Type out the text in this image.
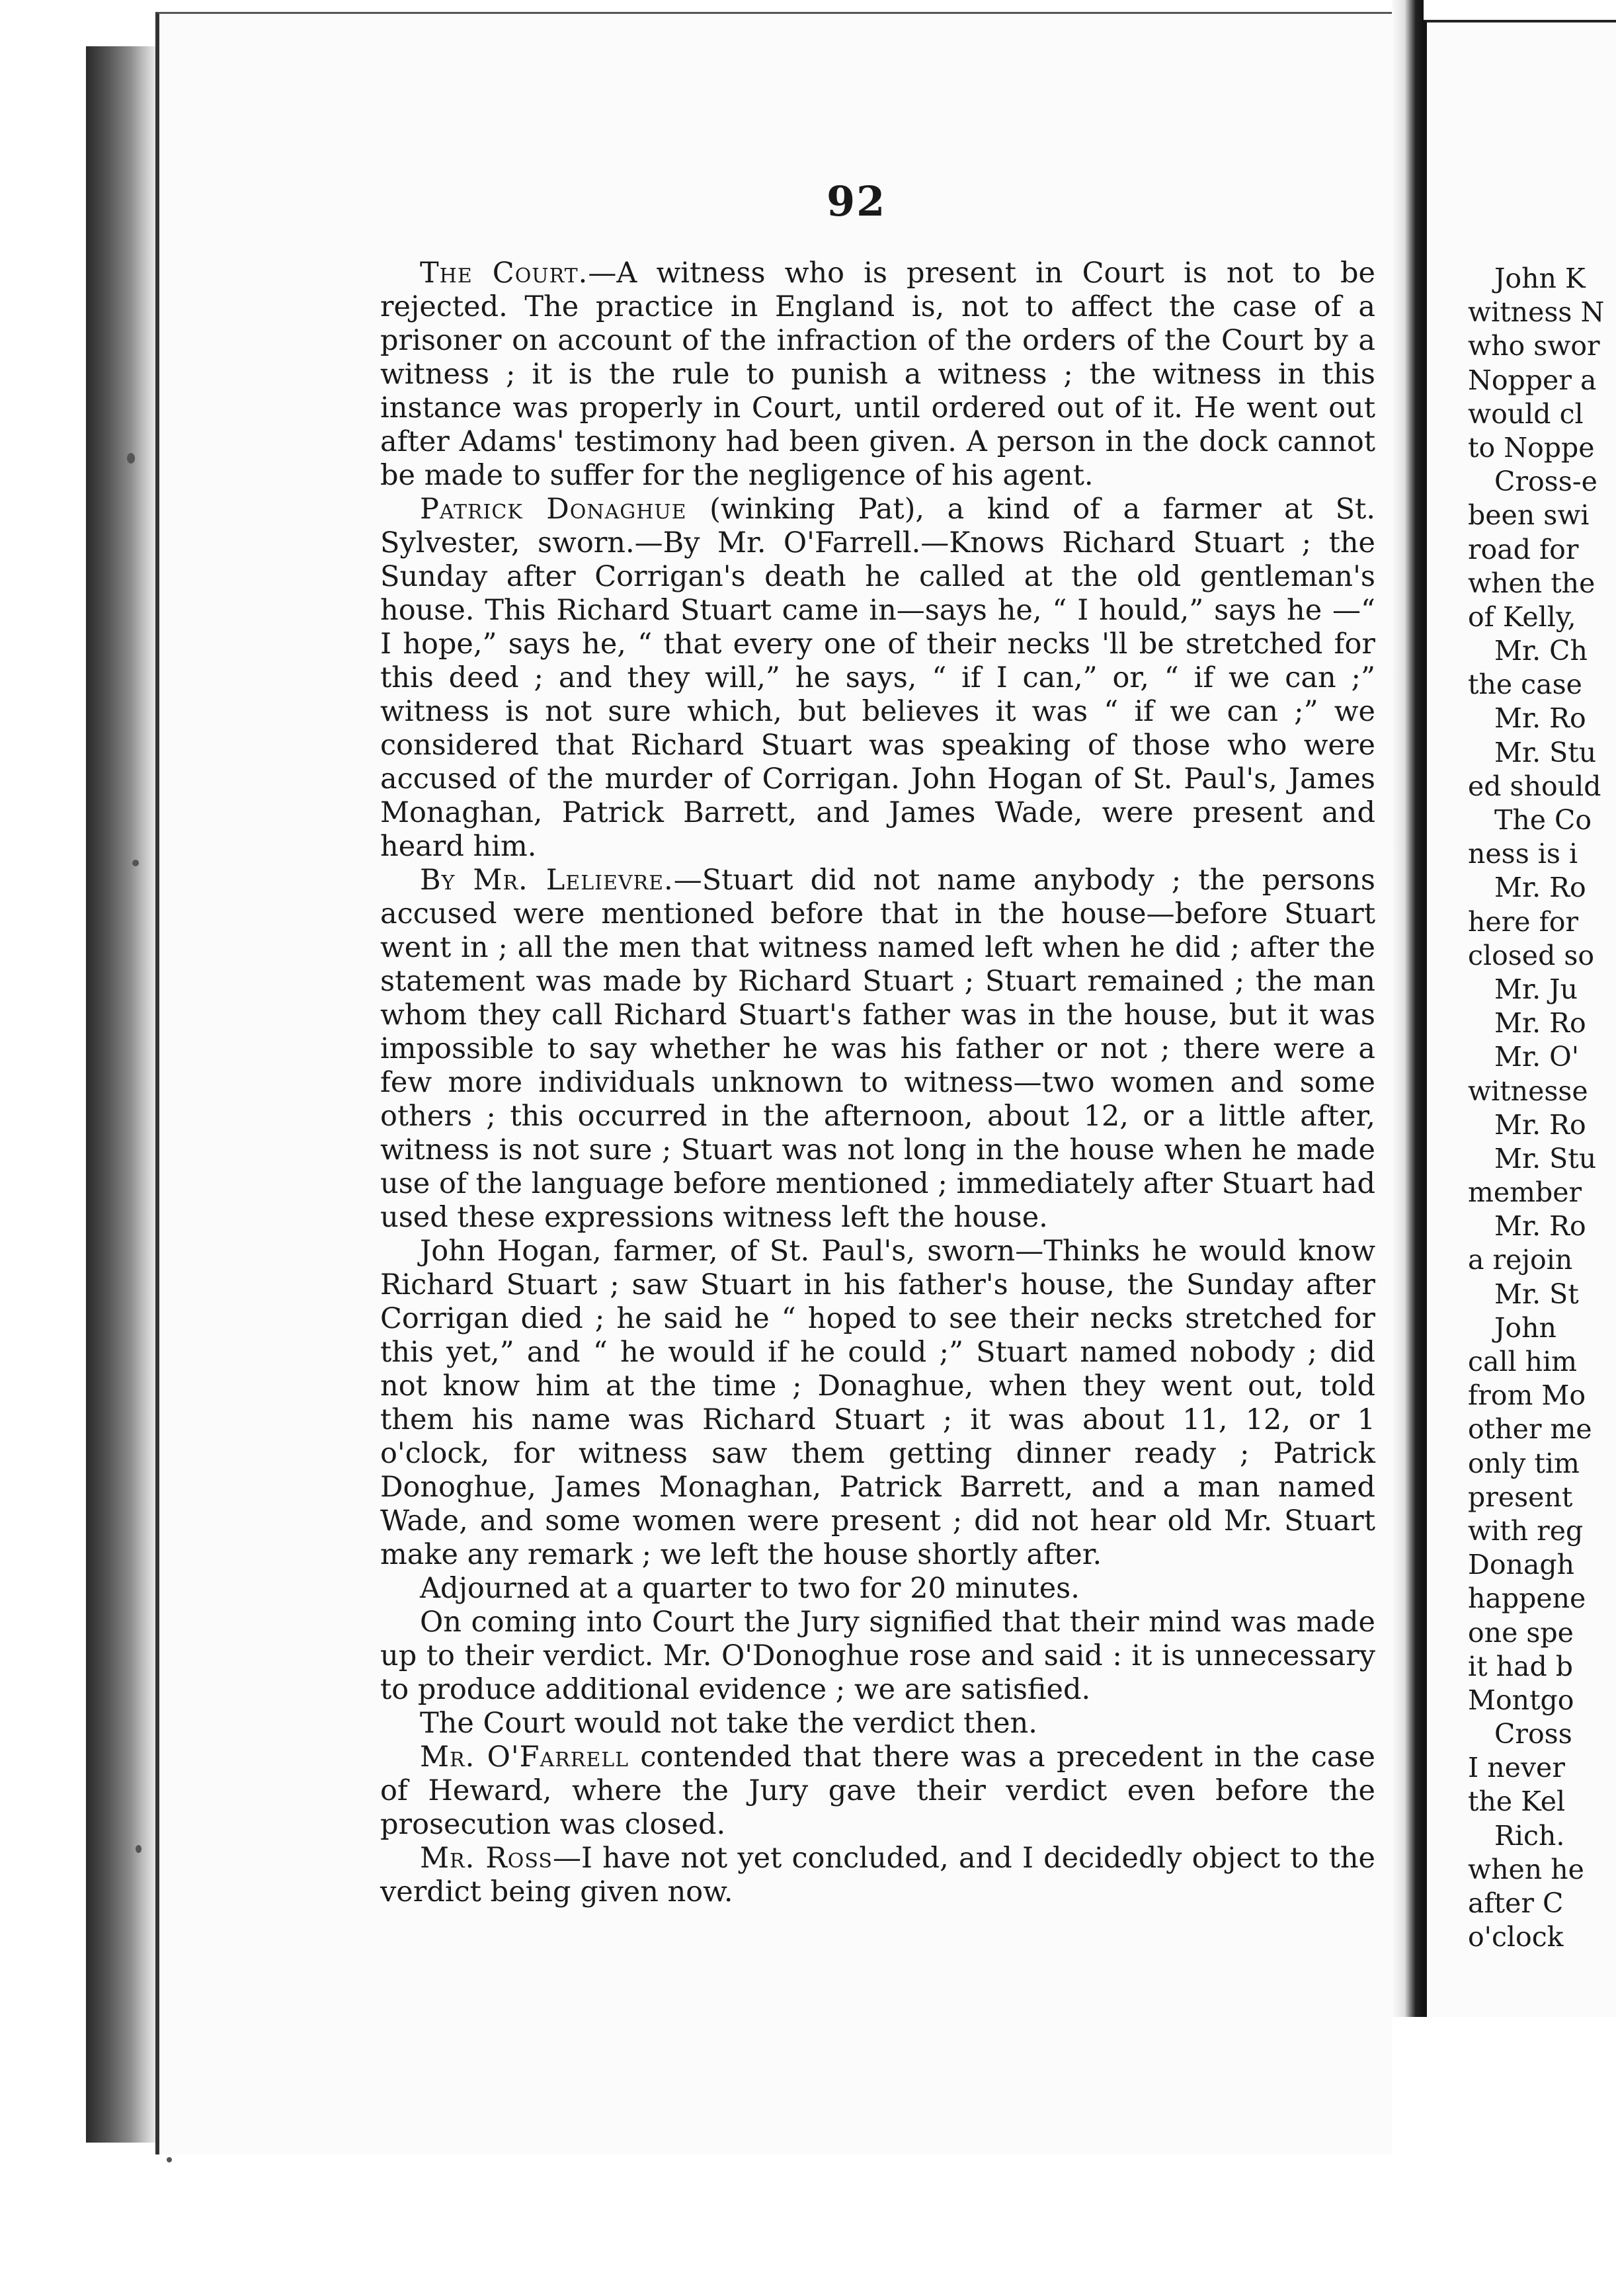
John K
witness N
who swor
Nopper a
would cl
to Noppe
Cross-e
been swi
road for
when the
of Kelly,
Mr. Ch
the case
Mr. Ro
Mr. Stu
ed should
The Co
ness is i
Mr. Ro
here for
closed so
Mr. Ju
Mr. Ro
Mr. O'
witnesse
Mr. Ro
Mr. Stu
member
Mr. Ro
a rejoin
Mr. St
John
call him
from Mo
other me
only tim
present
with reg
Donagh
happene
one spe
it had b
Montgo
Cross
I never
the Kel
Rich.
when he
after C
o'clock
92

The Court.—A witness who is present in Court is not to be rejected. The practice in England is, not to affect the case of a prisoner on account of the infraction of the orders of the Court by a witness ; it is the rule to punish a witness ; the witness in this instance was properly in Court, until ordered out of it. He went out after Adams' testimony had been given. A person in the dock cannot be made to suffer for the negligence of his agent.

Patrick Donaghue (winking Pat), a kind of a farmer at St. Sylvester, sworn.—By Mr. O'Farrell.—Knows Richard Stuart ; the Sunday after Corrigan's death he called at the old gentleman's house. This Richard Stuart came in—says he, “ I hould,” says he —“ I hope,” says he, “ that every one of their necks 'll be stretched for this deed ; and they will,” he says, “ if I can,” or, “ if we can ;” witness is not sure which, but believes it was “ if we can ;” we considered that Richard Stuart was speaking of those who were accused of the murder of Corrigan. John Hogan of St. Paul's, James Monaghan, Patrick Barrett, and James Wade, were present and heard him.

By Mr. Lelievre.—Stuart did not name anybody ; the persons accused were mentioned before that in the house—before Stuart went in ; all the men that witness named left when he did ; after the statement was made by Richard Stuart ; Stuart remained ; the man whom they call Richard Stuart's father was in the house, but it was impossible to say whether he was his father or not ; there were a few more individuals unknown to witness—two women and some others ; this occurred in the afternoon, about 12, or a little after, witness is not sure ; Stuart was not long in the house when he made use of the language before mentioned ; immediately after Stuart had used these expressions witness left the house.

John Hogan, farmer, of St. Paul's, sworn—Thinks he would know Richard Stuart ; saw Stuart in his father's house, the Sunday after Corrigan died ; he said he “ hoped to see their necks stretched for this yet,” and “ he would if he could ;” Stuart named nobody ; did not know him at the time ; Donaghue, when they went out, told them his name was Richard Stuart ; it was about 11, 12, or 1 o'clock, for witness saw them getting dinner ready ; Patrick Donoghue, James Monaghan, Patrick Barrett, and a man named Wade, and some women were present ; did not hear old Mr. Stuart make any remark ; we left the house shortly after.

Adjourned at a quarter to two for 20 minutes.

On coming into Court the Jury signified that their mind was made up to their verdict. Mr. O'Donoghue rose and said : it is unnecessary to produce additional evidence ; we are satisfied.

The Court would not take the verdict then.

Mr. O'Farrell contended that there was a precedent in the case of Heward, where the Jury gave their verdict even before the prosecution was closed.

Mr. Ross—I have not yet concluded, and I decidedly object to the verdict being given now.
